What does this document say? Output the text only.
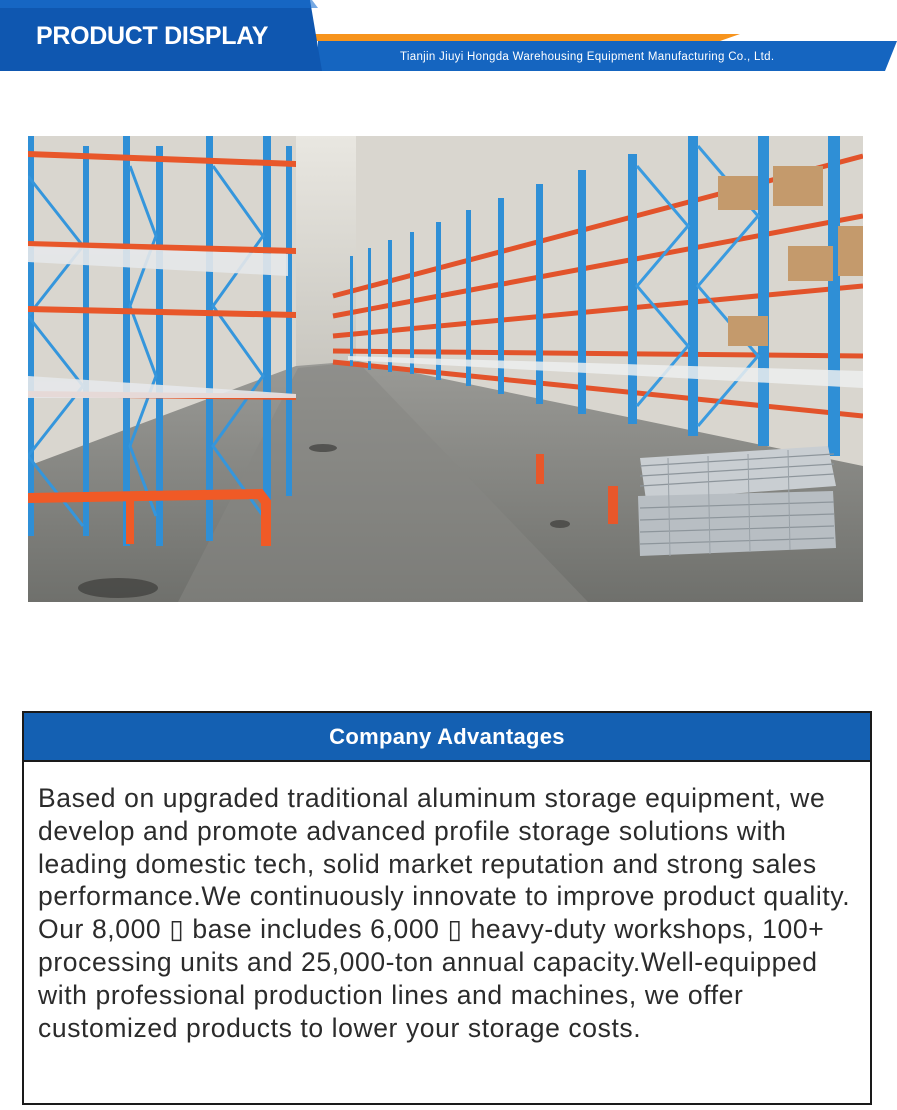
PRODUCT DISPLAY
Tianjin Jiuyi Hongda Warehousing Equipment Manufacturing Co., Ltd.
Company Advantages
Based on upgraded traditional aluminum storage equipment, we develop and promote advanced profile storage solutions with leading domestic tech, solid market reputation and strong sales performance.We continuously innovate to improve product quality. Our 8,000 ▯ base includes 6,000 ▯ heavy-duty workshops, 100+ processing units and 25,000-ton annual capacity.Well-equipped with professional production lines and machines, we offer customized products to lower your storage costs.
